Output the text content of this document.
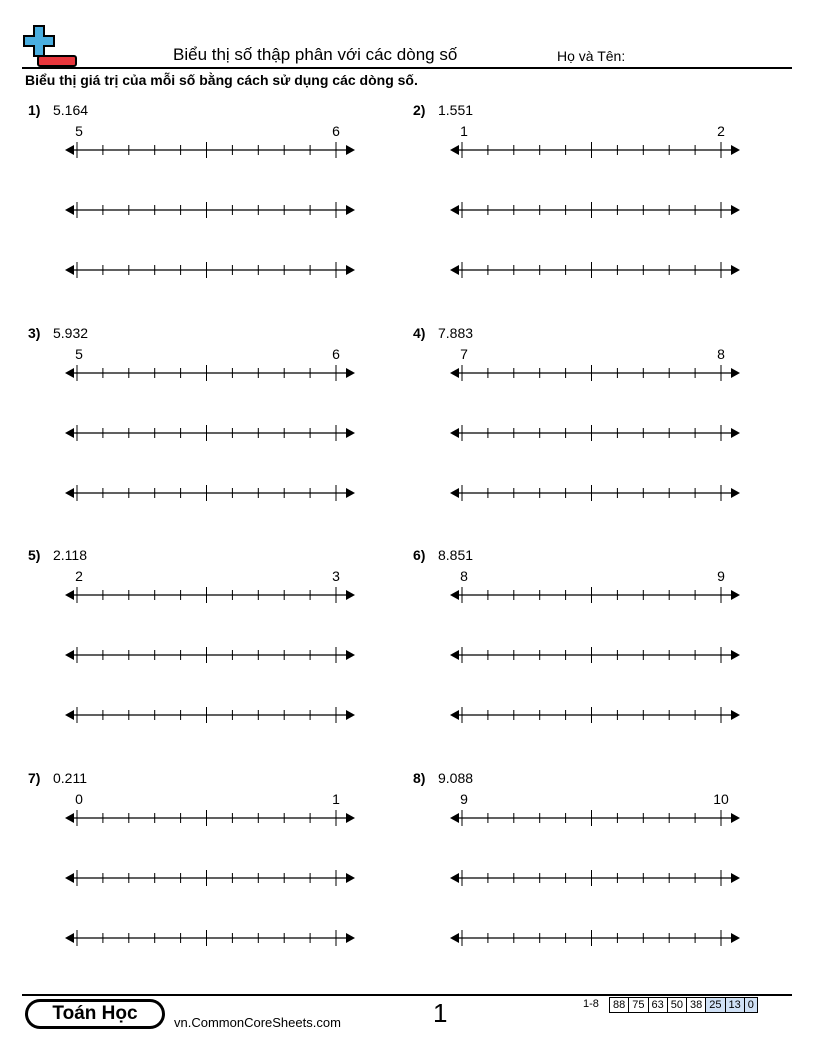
Biểu thị số thập phân với các dòng số	Họ và Tên:
Biểu thị giá trị của mỗi số bằng cách sử dụng các dòng số.
1) 5.164
5	6
2) 1.551
1	2
3) 5.932
5	6
4) 7.883
7	8
5) 2.118
2	3
6) 8.851
8	9
7) 0.211
0	1
8) 9.088
9	10
Toán Học	vn.CommonCoreSheets.com	1	1-8 88	75	63	50	38	25	13	0
